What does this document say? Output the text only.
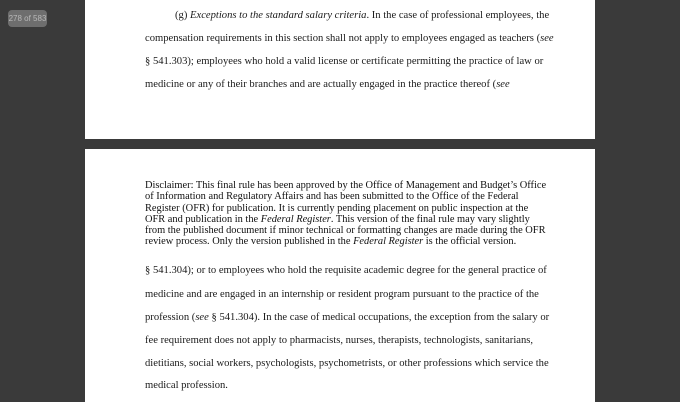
278 of 583	(g) Exceptions to the standard salary criteria. In the case of professional employees, the

compensation requirements in this section shall not apply to employees engaged as teachers (see

§ 541.303); employees who hold a valid license or certificate permitting the practice of law or

medicine or any of their branches and are actually engaged in the practice thereof (see

Disclaimer: This final rule has been approved by the Office of Management and Budget’s Office

of Information and Regulatory Affairs and has been submitted to the Office of the Federal

Register (OFR) for publication. It is currently pending placement on public inspection at the

OFR and publication in the Federal Register. This version of the final rule may vary slightly

from the published document if minor technical or formatting changes are made during the OFR

review process. Only the version published in the Federal Register is the official version.

§ 541.304); or to employees who hold the requisite academic degree for the general practice of

medicine and are engaged in an internship or resident program pursuant to the practice of the

profession (see § 541.304). In the case of medical occupations, the exception from the salary or

fee requirement does not apply to pharmacists, nurses, therapists, technologists, sanitarians,

dietitians, social workers, psychologists, psychometrists, or other professions which service the

medical profession.
